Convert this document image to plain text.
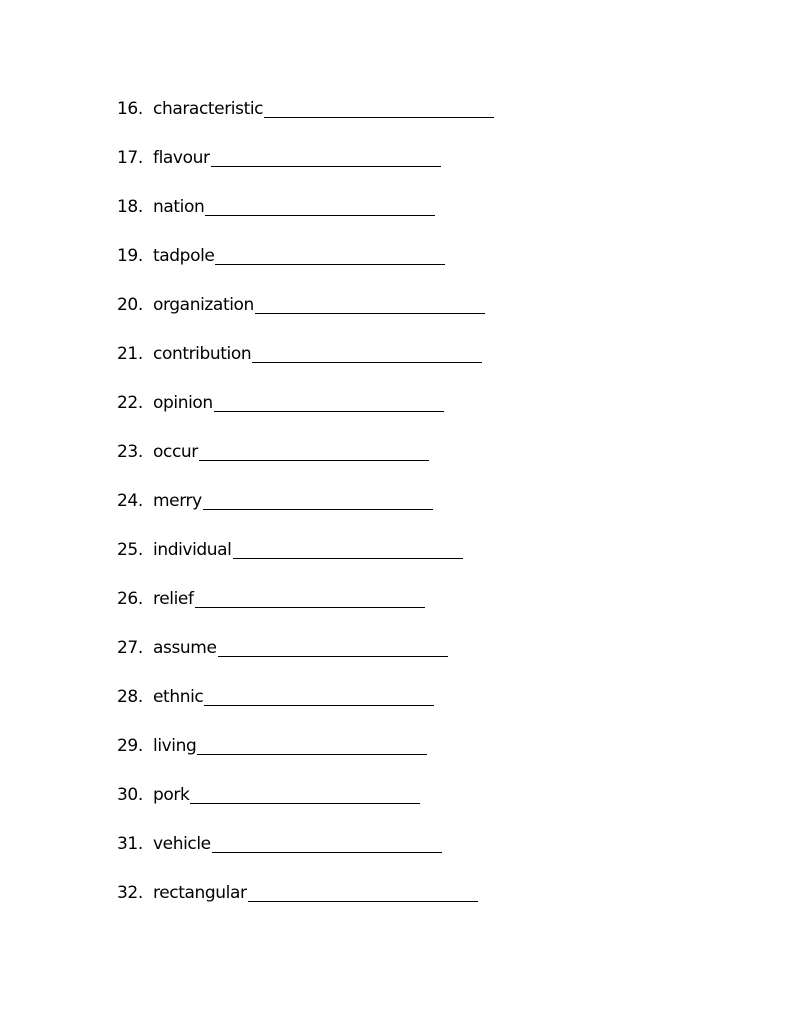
16. characteristic
17. flavour
18. nation
19. tadpole
20. organization
21. contribution
22. opinion
23. occur
24. merry
25. individual
26. relief
27. assume
28. ethnic
29. living
30. pork
31. vehicle
32. rectangular
